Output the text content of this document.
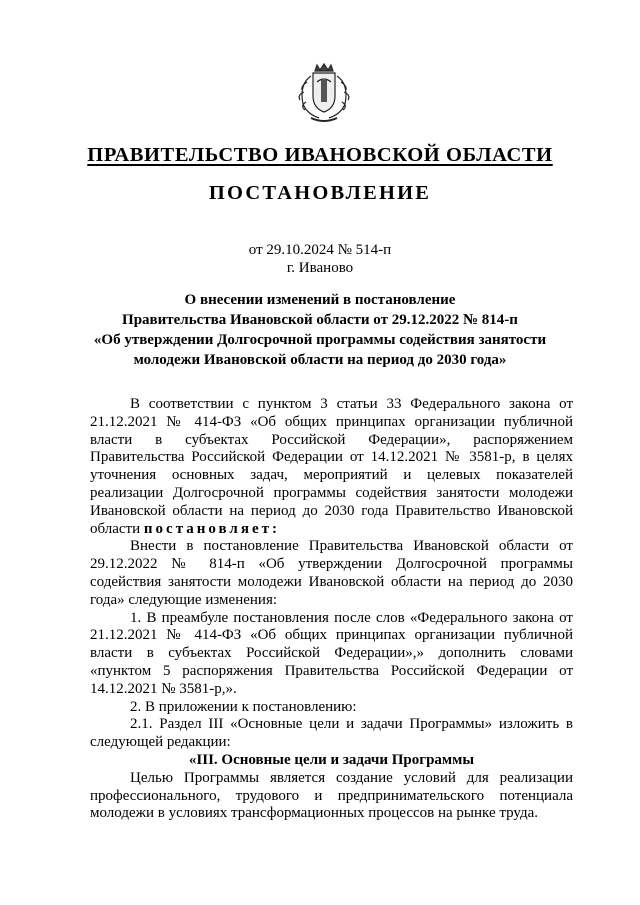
ПРАВИТЕЛЬСТВО ИВАНОВСКОЙ ОБЛАСТИ
ПОСТАНОВЛЕНИЕ
от 29.10.2024 № 514-п
г. Иваново
О внесении изменений в постановление
Правительства Ивановской области от 29.12.2022 № 814-п
«Об утверждении Долгосрочной программы содействия занятости
молодежи Ивановской области на период до 2030 года»

В соответствии с пунктом 3 статьи 33 Федерального закона от 21.12.2021 № 414-ФЗ «Об общих принципах организации публичной власти в субъектах Российской Федерации», распоряжением Правительства Российской Федерации от 14.12.2021 № 3581-р, в целях уточнения основных задач, мероприятий и целевых показателей реализации Долгосрочной программы содействия занятости молодежи Ивановской области на период до 2030 года Правительство Ивановской области постановляет:

Внести в постановление Правительства Ивановской области от 29.12.2022 № 814-п «Об утверждении Долгосрочной программы содействия занятости молодежи Ивановской области на период до 2030 года» следующие изменения:

1. В преамбуле постановления после слов «Федерального закона от 21.12.2021 № 414-ФЗ «Об общих принципах организации публичной власти в субъектах Российской Федерации»,» дополнить словами «пунктом 5 распоряжения Правительства Российской Федерации от 14.12.2021 № 3581-р,».

2. В приложении к постановлению:

2.1. Раздел III «Основные цели и задачи Программы» изложить в следующей редакции:

«III. Основные цели и задачи Программы

Целью Программы является создание условий для реализации профессионального, трудового и предпринимательского потенциала молодежи в условиях трансформационных процессов на рынке труда.
